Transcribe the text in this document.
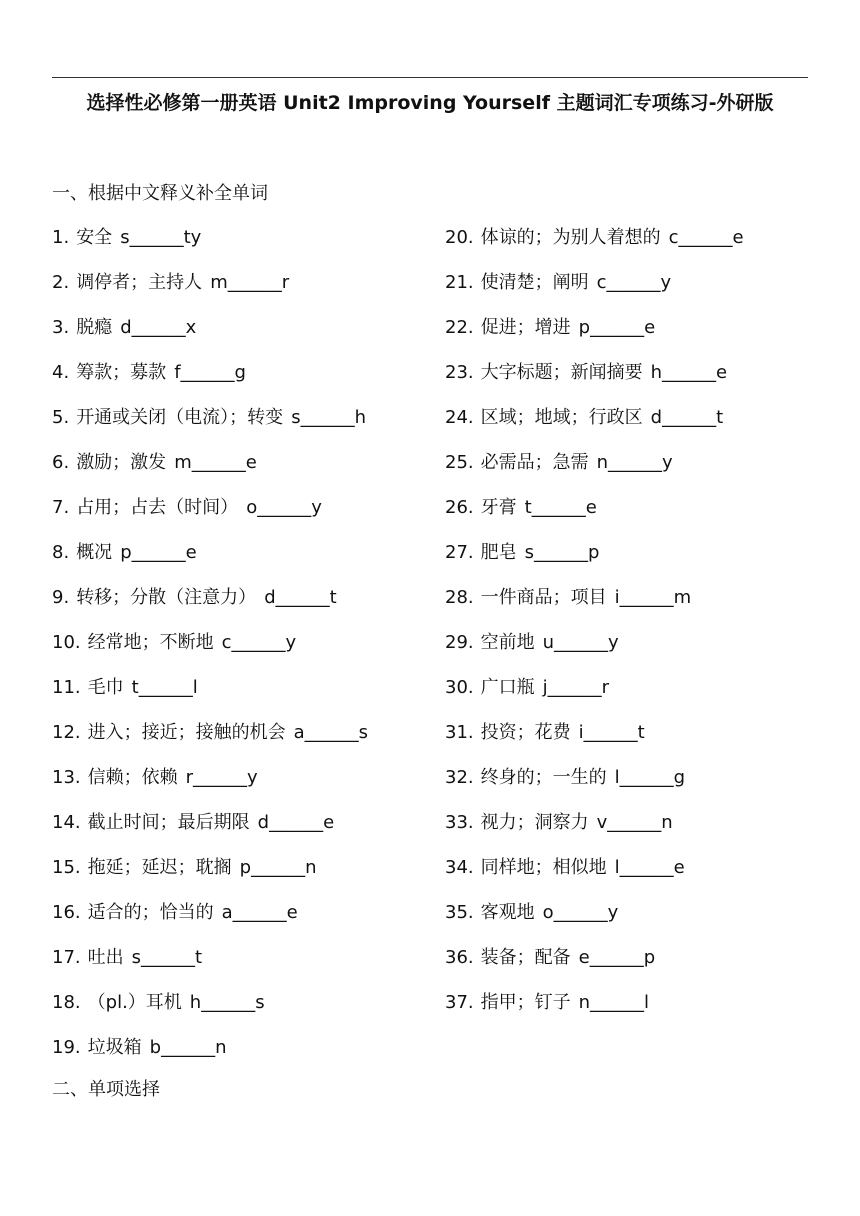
选择性必修第一册英语 Unit2 Improving Yourself 主题词汇专项练习-外研版
一、根据中文释义补全单词
1. 安全 s______ty
2. 调停者；主持人 m______r
3. 脱瘾 d______x
4. 筹款；募款 f______g
5. 开通或关闭（电流）；转变 s______h
6. 激励；激发 m______e
7. 占用；占去（时间） o______y
8. 概况 p______e
9. 转移；分散（注意力） d______t
10. 经常地；不断地 c______y
11. 毛巾 t______l
12. 进入；接近；接触的机会 a______s
13. 信赖；依赖 r______y
14. 截止时间；最后期限 d______e
15. 拖延；延迟；耽搁 p______n
16. 适合的；恰当的 a______e
17. 吐出 s______t
18. （pl.）耳机 h______s
19. 垃圾箱 b______n
20. 体谅的；为别人着想的 c______e
21. 使清楚；阐明 c______y
22. 促进；增进 p______e
23. 大字标题；新闻摘要 h______e
24. 区域；地域；行政区 d______t
25. 必需品；急需 n______y
26. 牙膏 t______e
27. 肥皂 s______p
28. 一件商品；项目 i______m
29. 空前地 u______y
30. 广口瓶 j______r
31. 投资；花费 i______t
32. 终身的；一生的 l______g
33. 视力；洞察力 v______n
34. 同样地；相似地 l______e
35. 客观地 o______y
36. 装备；配备 e______p
37. 指甲；钉子 n______l
二、单项选择
